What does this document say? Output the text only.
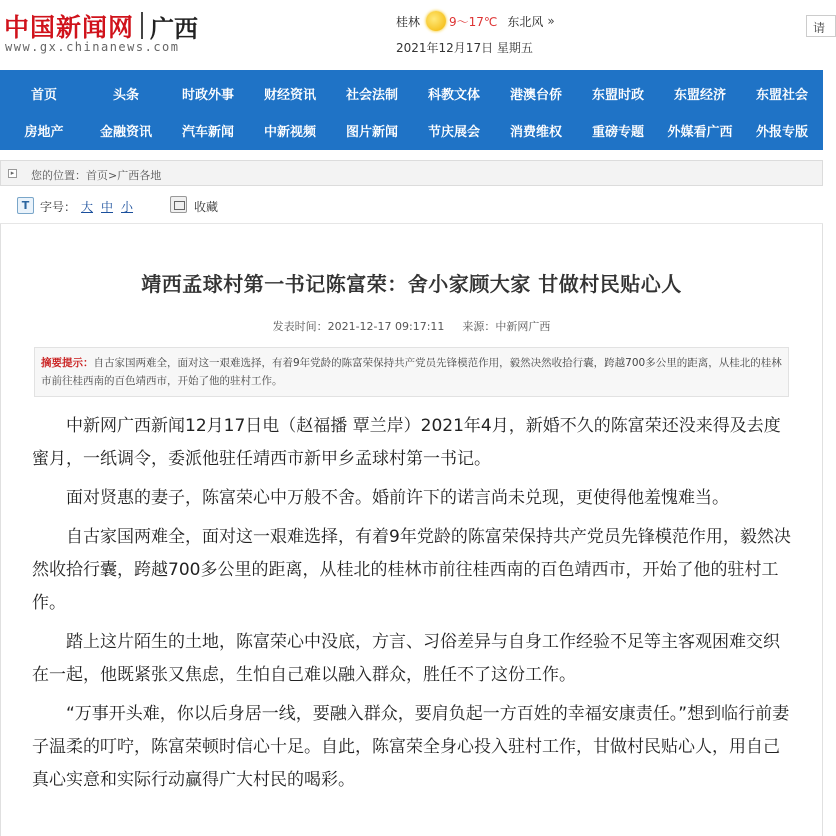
中国新闻网 广西
www.gx.chinanews.com
桂林 9～17℃ 东北风 »
2021年12月17日 星期五
请
首页	头条	时政外事	财经资讯	社会法制	科教文体	港澳台侨	东盟时政	东盟经济	东盟社会
房地产	金融资讯	汽车新闻	中新视频	图片新闻	节庆展会	消费维权	重磅专题	外媒看广西	外报专版
▸ 您的位置：首页>广西各地
T 字号： 大 中 小	收藏
靖西孟球村第一书记陈富荣：舍小家顾大家 甘做村民贴心人
发表时间：2021-12-17 09:17:11 来源：中新网广西
摘要提示：自古家国两难全，面对这一艰难选择，有着9年党龄的陈富荣保持共产党员先锋模范作用，毅然决然收拾行囊，跨越700多公里的距离，从桂北的桂林市前往桂西南的百色靖西市，开始了他的驻村工作。

中新网广西新闻12月17日电（赵福播 覃兰岸）2021年4月，新婚不久的陈富荣还没来得及去度蜜月，一纸调令，委派他驻任靖西市新甲乡孟球村第一书记。

面对贤惠的妻子，陈富荣心中万般不舍。婚前许下的诺言尚未兑现，更使得他羞愧难当。

自古家国两难全，面对这一艰难选择，有着9年党龄的陈富荣保持共产党员先锋模范作用，毅然决然收拾行囊，跨越700多公里的距离，从桂北的桂林市前往桂西南的百色靖西市，开始了他的驻村工作。

踏上这片陌生的土地，陈富荣心中没底，方言、习俗差异与自身工作经验不足等主客观困难交织在一起，他既紧张又焦虑，生怕自己难以融入群众，胜任不了这份工作。

“万事开头难，你以后身居一线，要融入群众，要肩负起一方百姓的幸福安康责任。”想到临行前妻子温柔的叮咛，陈富荣顿时信心十足。自此，陈富荣全身心投入驻村工作，甘做村民贴心人，用自己真心实意和实际行动赢得广大村民的喝彩。
